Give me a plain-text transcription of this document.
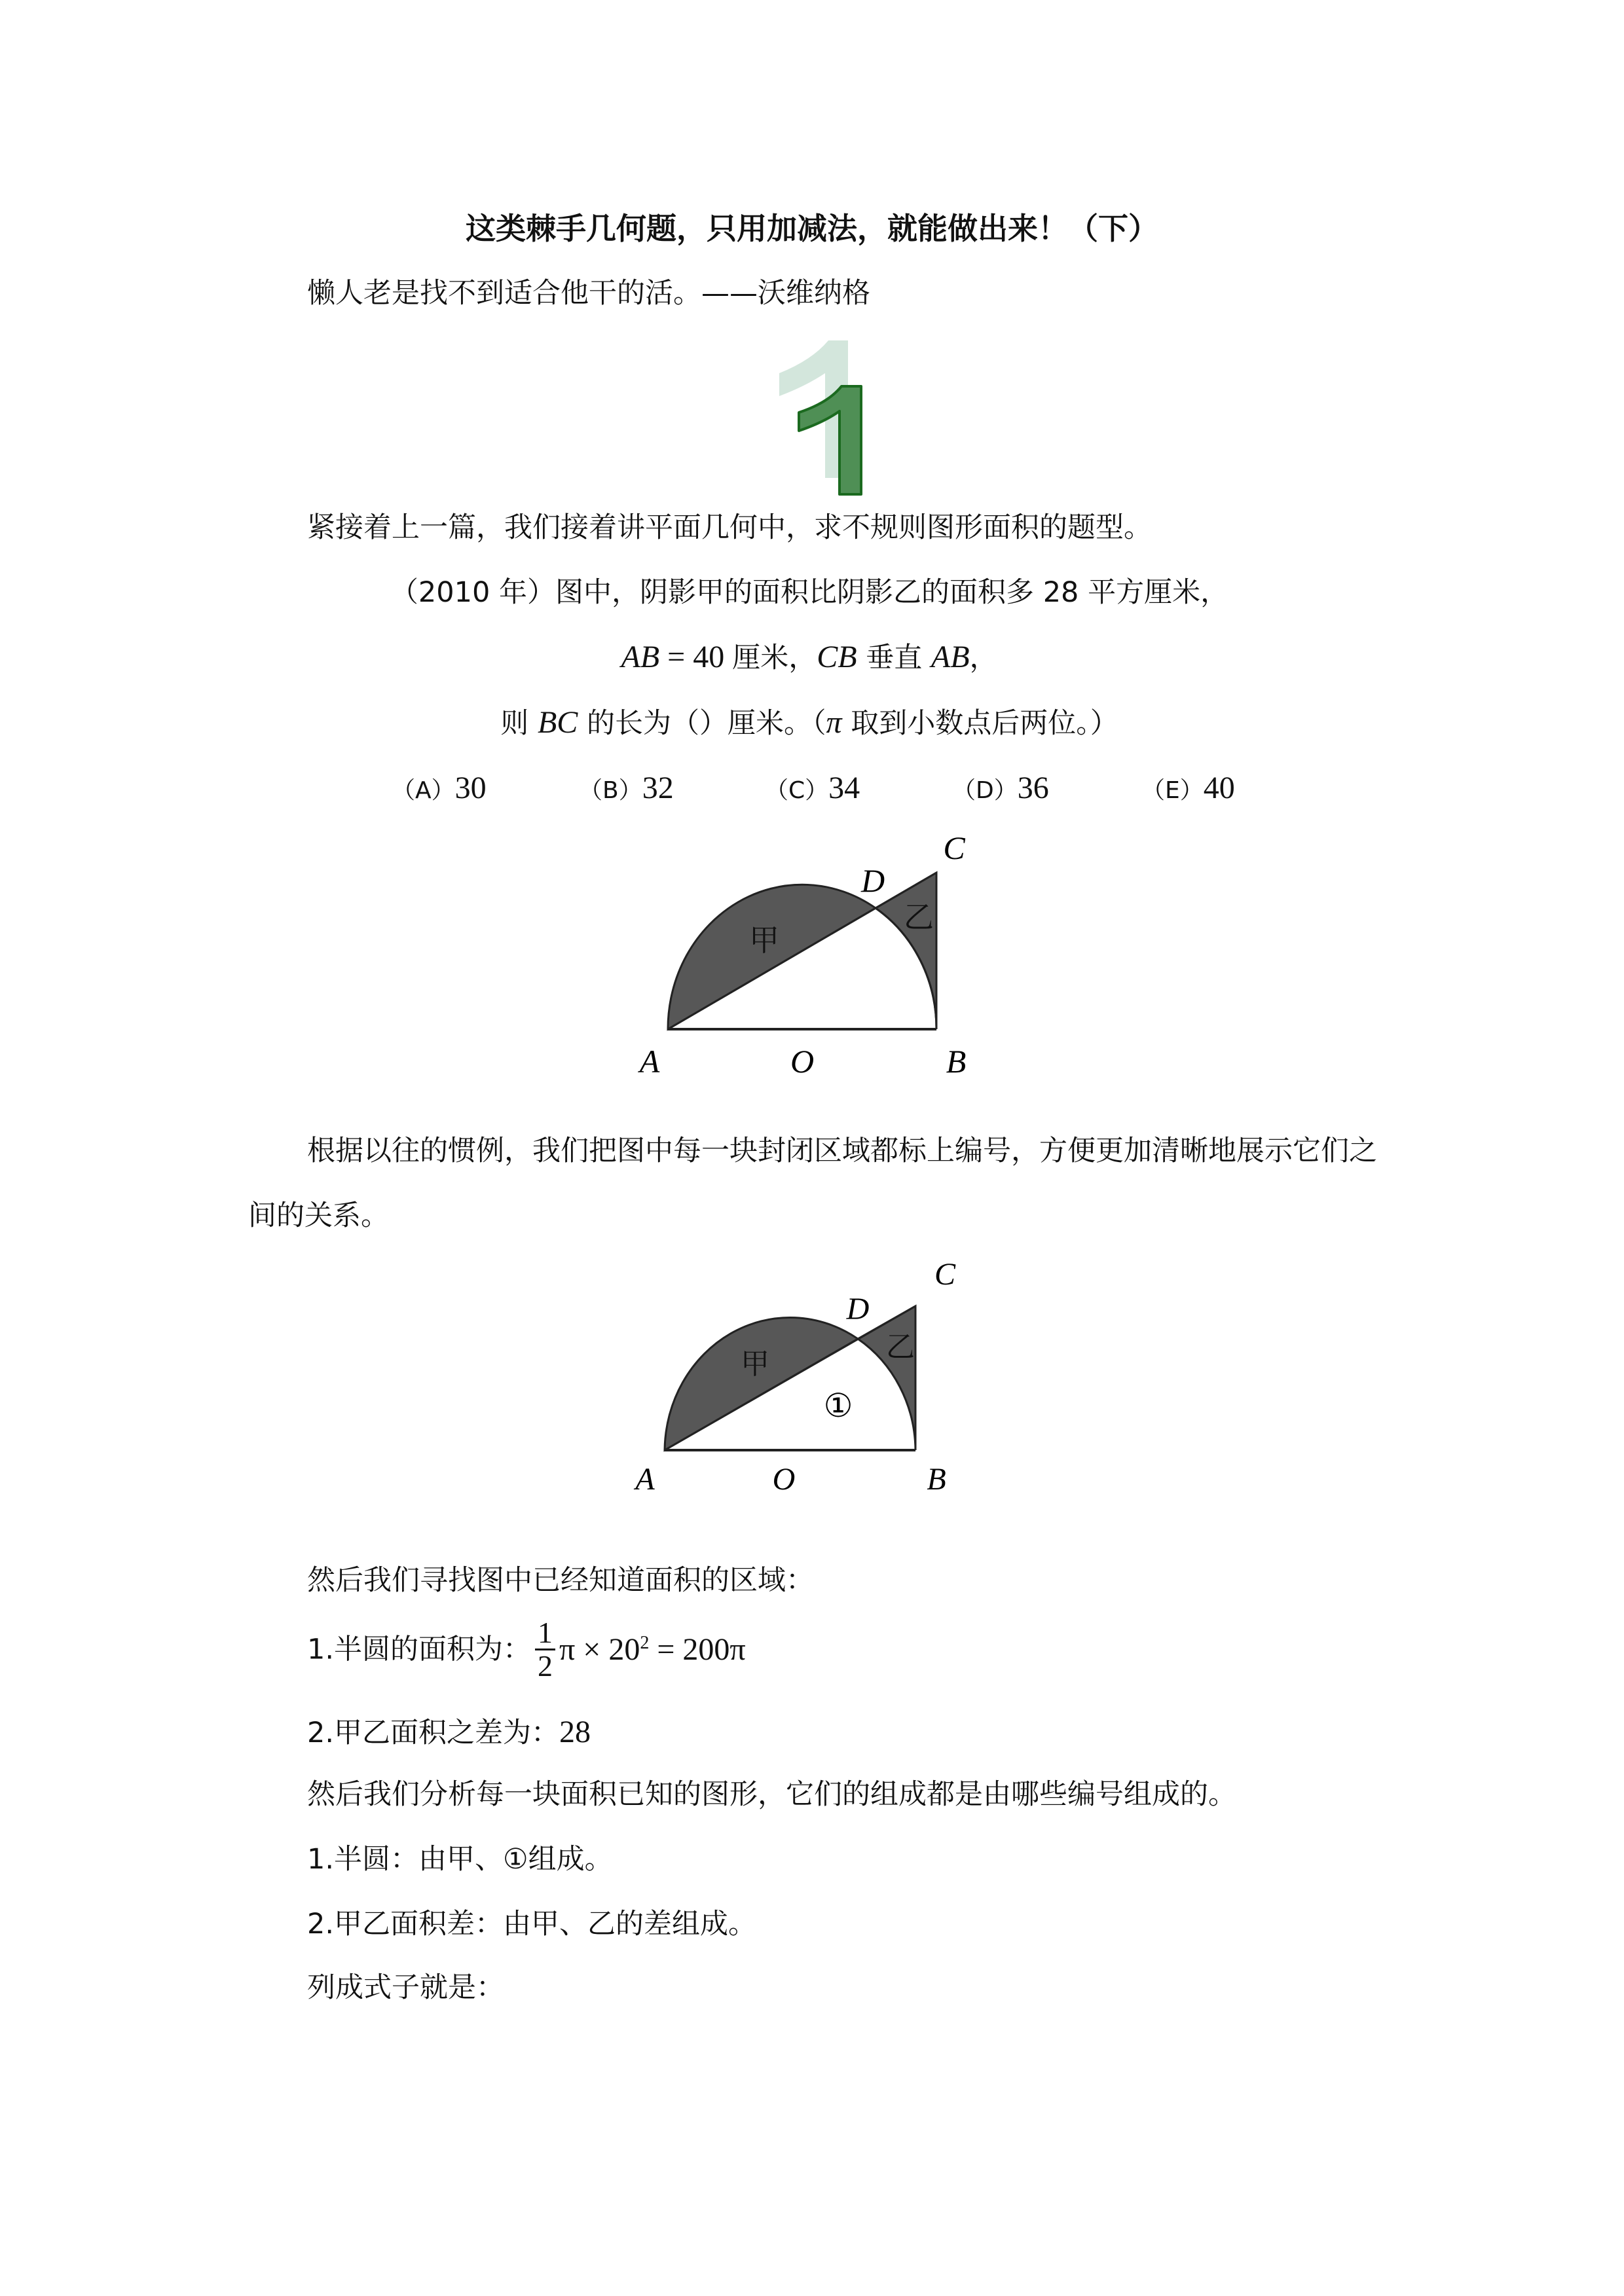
这类棘手几何题，只用加减法，就能做出来！（下）
懒人老是找不到适合他干的活。——沃维纳格
紧接着上一篇，我们接着讲平面几何中，求不规则图形面积的题型。
（2010 年）图中，阴影甲的面积比阴影乙的面积多 28 平方厘米，
AB = 40 厘米，CB 垂直 AB，
则 BC 的长为（）厘米。（π 取到小数点后两位。）
（A）30	（B）32	（C）34	（D）36	（E）40
C
D
甲
乙
A	O	B
根据以往的惯例，我们把图中每一块封闭区域都标上编号，方便更加清晰地展示它们之
间的关系。
C
D
甲
乙
①
A	O	B
然后我们寻找图中已经知道面积的区域：
1.半圆的面积为： $\frac{1}{2}$ $\pi \times 20^2 = 200\pi$
2.甲乙面积之差为：28
然后我们分析每一块面积已知的图形，它们的组成都是由哪些编号组成的。
1.半圆：由甲、①组成。
2.甲乙面积差：由甲、乙的差组成。
列成式子就是：
